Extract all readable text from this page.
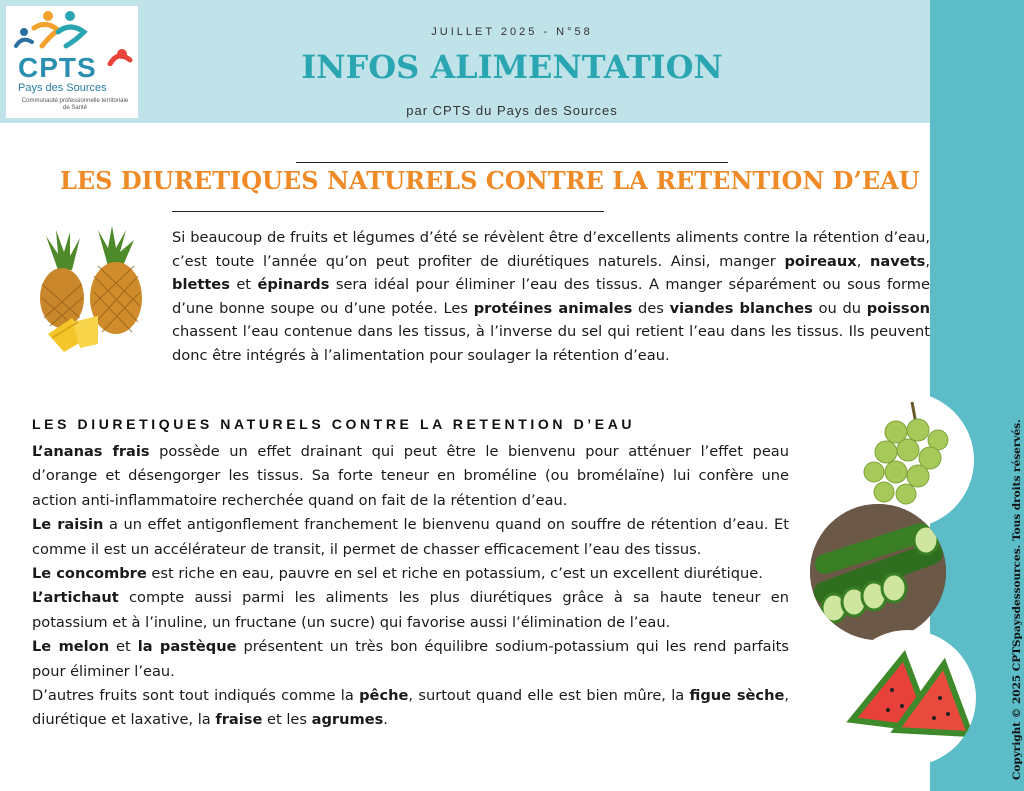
CPTS
Pays des Sources
Communauté professionnelle territoriale de Santé
JUILLET 2025 - N°58
INFOS ALIMENTATION
par CPTS du Pays des Sources
LES DIURETIQUES NATURELS CONTRE LA RETENTION D’EAU
Si beaucoup de fruits et légumes d’été se révèlent être d’excellents aliments contre la rétention d’eau, c’est toute l’année qu’on peut profiter de diurétiques naturels. Ainsi, manger poireaux, navets, blettes et épinards sera idéal pour éliminer l’eau des tissus. A manger séparément ou sous forme d’une bonne soupe ou d’une potée. Les protéines animales des viandes blanches ou du poisson chassent l’eau contenue dans les tissus, à l’inverse du sel qui retient l’eau dans les tissus. Ils peuvent donc être intégrés à l’alimentation pour soulager la rétention d’eau.
LES DIURETIQUES NATURELS CONTRE LA RETENTION D’EAU

L’ananas frais possède un effet drainant qui peut être le bienvenu pour atténuer l’effet peau d’orange et désengorger les tissus. Sa forte teneur en broméline (ou bromélaïne) lui confère une action anti-inflammatoire recherchée quand on fait de la rétention d’eau.

Le raisin a un effet antigonflement franchement le bienvenu quand on souffre de rétention d’eau. Et comme il est un accélérateur de transit, il permet de chasser efficacement l’eau des tissus.

Le concombre est riche en eau, pauvre en sel et riche en potassium, c’est un excellent diurétique.

L’artichaut compte aussi parmi les aliments les plus diurétiques grâce à sa haute teneur en potassium et à l’inuline, un fructane (un sucre) qui favorise aussi l’élimination de l’eau.

Le melon et la pastèque présentent un très bon équilibre sodium-potassium qui les rend parfaits pour éliminer l’eau.

D’autres fruits sont tout indiqués comme la pêche, surtout quand elle est bien mûre, la figue sèche, diurétique et laxative, la fraise et les agrumes.	Copyright © 2025 CPTSpaysdessources. Tous droits réservés.
